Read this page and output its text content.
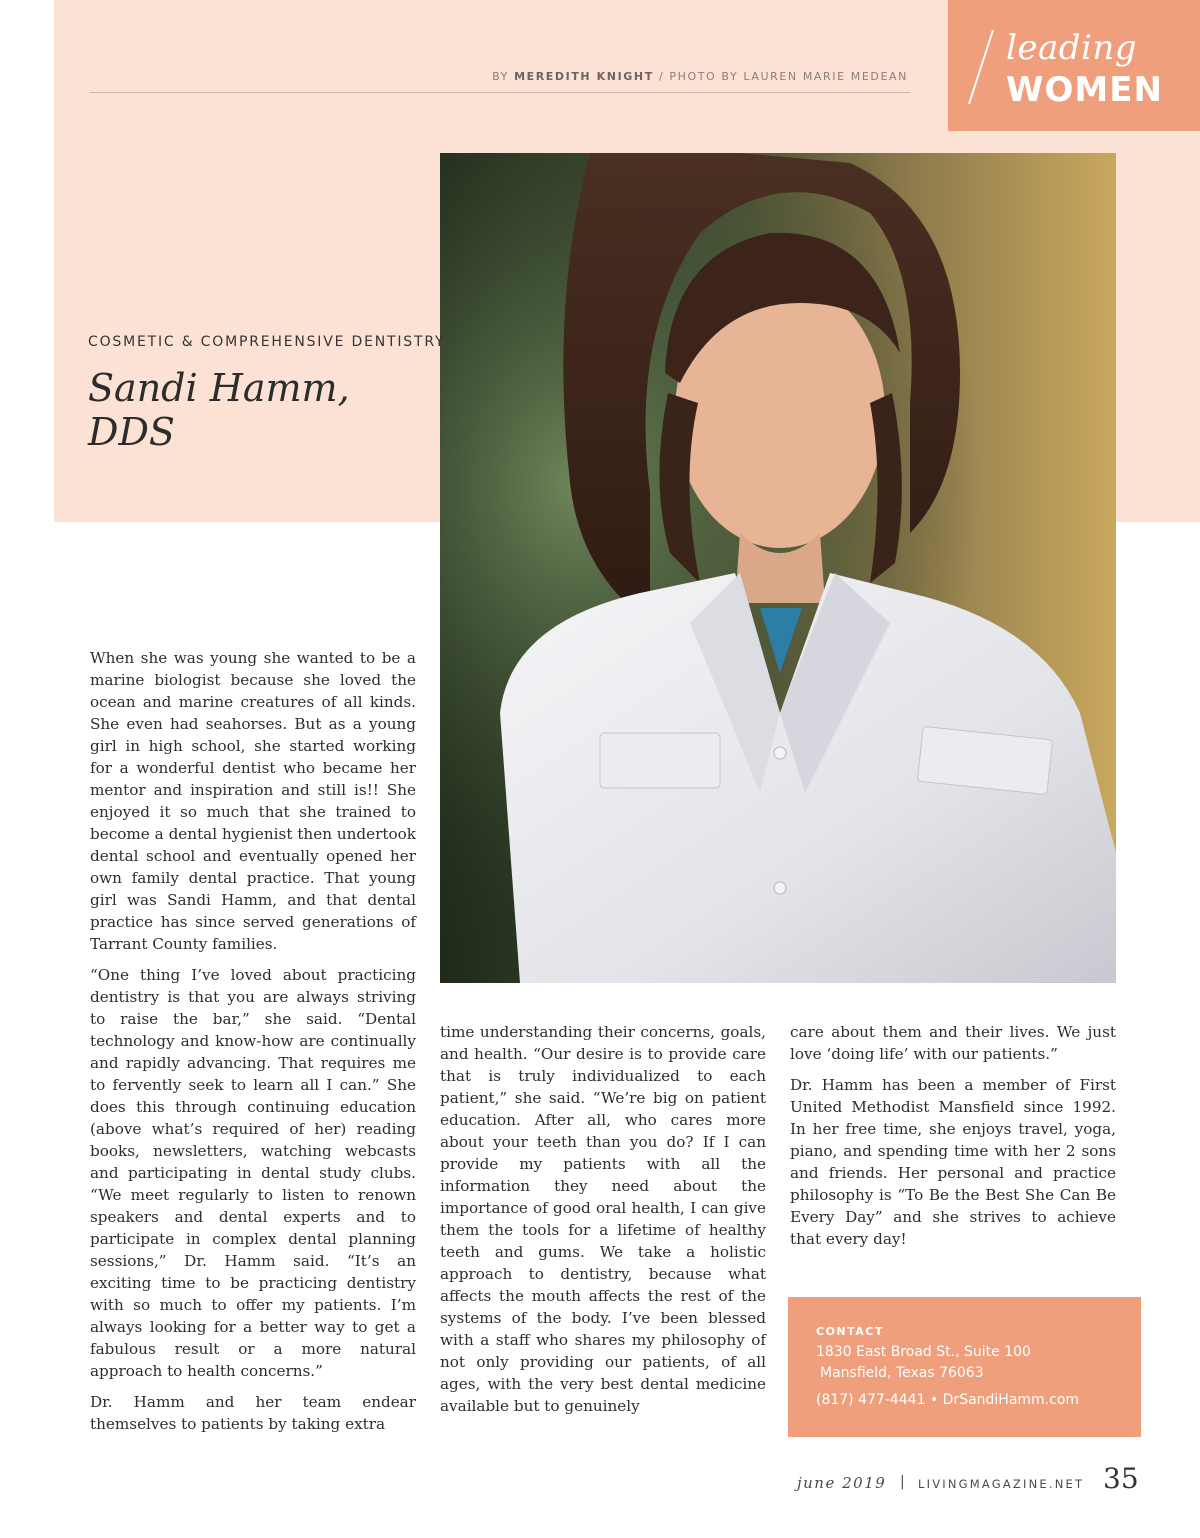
leading
WOMEN
BY MEREDITH KNIGHT / PHOTO BY LAUREN MARIE MEDEAN
COSMETIC & COMPREHENSIVE DENTISTRY
Sandi Hamm,
DDS

When she was young she wanted to be a marine biologist because she loved the ocean and marine creatures of all kinds. She even had seahorses. But as a young girl in high school, she started working for a wonderful dentist who became her mentor and inspiration and still is!! She enjoyed it so much that she trained to become a dental hygienist then undertook dental school and eventually opened her own family dental practice. That young girl was Sandi Hamm, and that dental practice has since served generations of Tarrant County families.

“One thing I’ve loved about practicing dentistry is that you are always striving to raise the bar,” she said. “Dental technology and know-how are continually and rapidly advancing. That requires me to fervently seek to learn all I can.” She does this through continuing education (above what’s required of her) reading books, newsletters, watching webcasts and participating in dental study clubs. “We meet regularly to listen to renown speakers and dental experts and to participate in complex dental planning sessions,” Dr. Hamm said. “It’s an exciting time to be practicing dentistry with so much to offer my patients. I’m always looking for a better way to get a fabulous result or a more natural approach to health concerns.”

Dr. Hamm and her team endear themselves to patients by taking extra

time understanding their concerns, goals, and health. “Our desire is to provide care that is truly individualized to each patient,” she said. “We’re big on patient education. After all, who cares more about your teeth than you do? If I can provide my patients with all the information they need about the importance of good oral health, I can give them the tools for a lifetime of healthy teeth and gums. We take a holistic approach to dentistry, because what affects the mouth affects the rest of the systems of the body. I’ve been blessed with a staff who shares my philosophy of not only providing our patients, of all ages, with the very best dental medicine available but to genuinely

care about them and their lives. We just love ‘doing life’ with our patients.”

Dr. Hamm has been a member of First United Methodist Mansfield since 1992. In her free time, she enjoys travel, yoga, piano, and spending time with her 2 sons and friends. Her personal and practice philosophy is “To Be the Best She Can Be Every Day” and she strives to achieve that every day!

CONTACT
1830 East Broad St., Suite 100
Mansfield, Texas 76063
(817) 477-4441 • DrSandiHamm.com
june 2019 | LIVINGMAGAZINE.NET 35
